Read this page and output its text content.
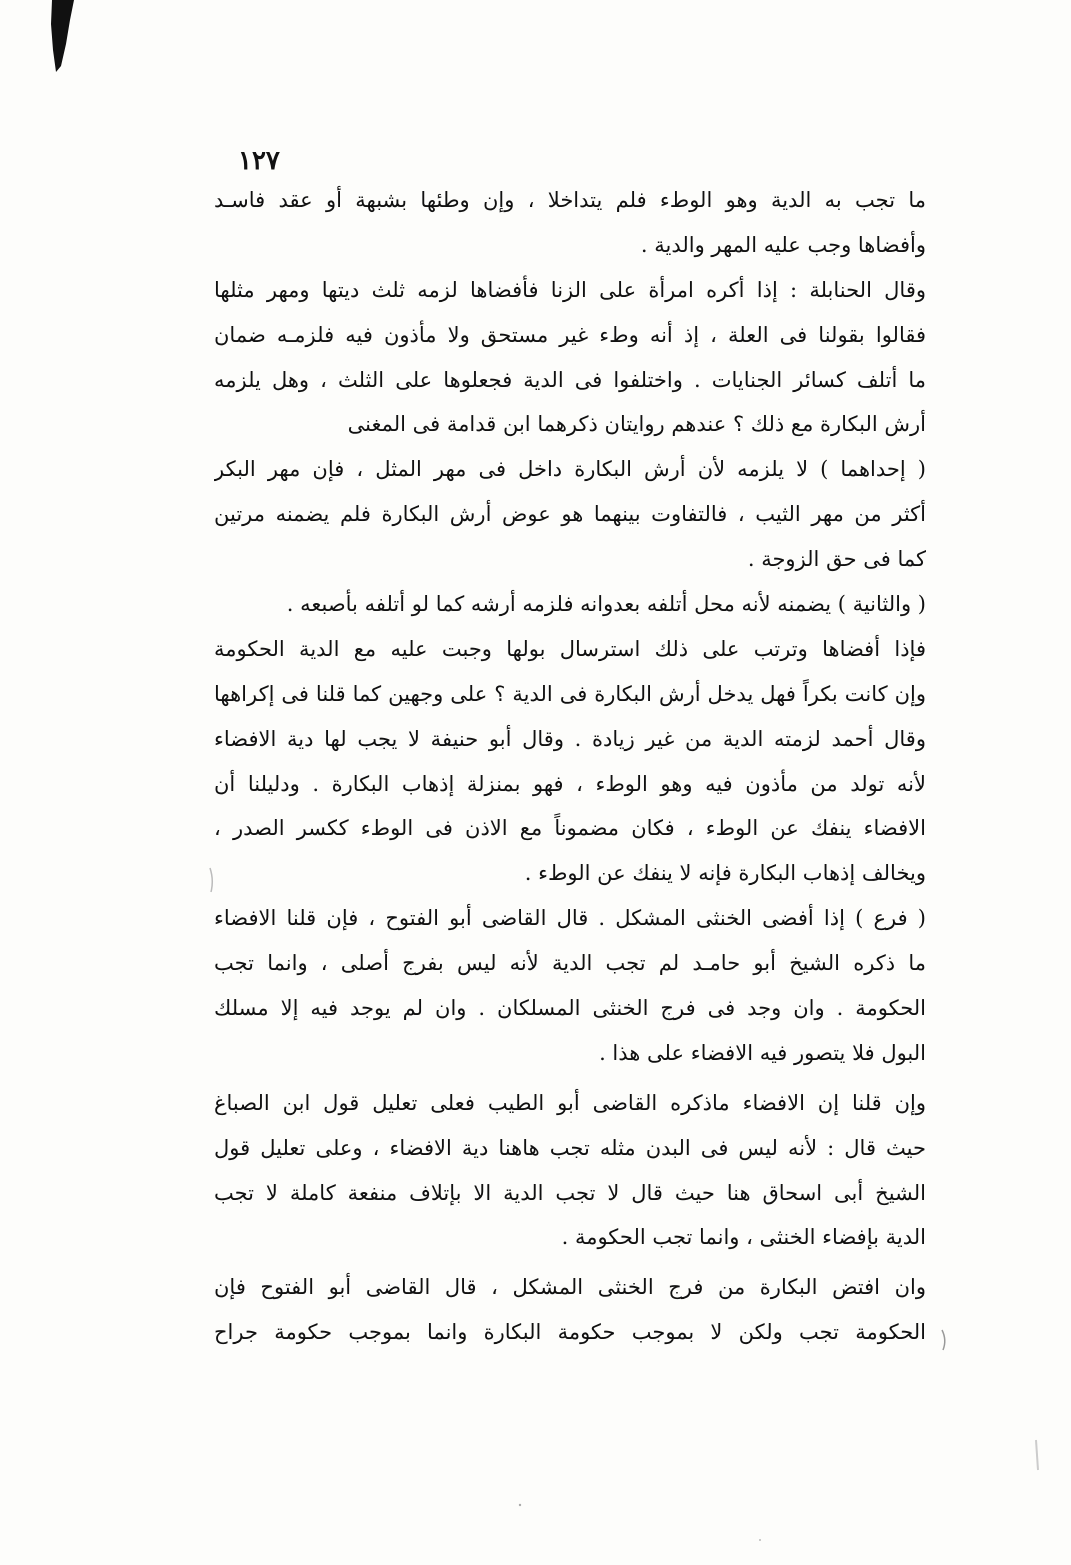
١٢٧
ما تجب به الدية وهو الوطء فلم يتداخلا ، وإن وطئها بشبهة أو عقد فاسـد
وأفضاها وجب عليه المهر والدية .
وقال الحنابلة : إذا أكره امرأة على الزنا فأفضاها لزمه ثلث ديتها ومهر مثلها
فقالوا بقولنا فى العلة ، إذ أنه وطء غير مستحق ولا مأذون فيه فلزمـه ضمان
ما أتلف كسائر الجنايات . واختلفوا فى الدية فجعلوها على الثلث ، وهل يلزمه
أرش البكارة مع ذلك ؟ عندهم روايتان ذكرهما ابن قدامة فى المغنى
( إحداهما ) لا يلزمه لأن أرش البكارة داخل فى مهر المثل ، فإن مهر البكر
أكثر من مهر الثيب ، فالتفاوت بينهما هو عوض أرش البكارة فلم يضمنه مرتين
كما فى حق الزوجة .
( والثانية ) يضمنه لأنه محل أتلفه بعدوانه فلزمه أرشه كما لو أتلفه بأصبعه .
فإذا أفضاها وترتب على ذلك استرسال بولها وجبت عليه مع الدية الحكومة
وإن كانت بكراً فهل يدخل أرش البكارة فى الدية ؟ على وجهين كما قلنا فى إكراهها
وقال أحمد لزمته الدية من غير زيادة . وقال أبو حنيفة لا يجب لها دية الافضاء
لأنه تولد من مأذون فيه وهو الوطء ، فهو بمنزلة إذهاب البكارة . ودليلنا أن
الافضاء ينفك عن الوطء ، فكان مضموناً مع الاذن فى الوطء ككسر الصدر ،
ويخالف إذهاب البكارة فإنه لا ينفك عن الوطء .
( فرع ) إذا أفضى الخنثى المشكل . قال القاضى أبو الفتوح ، فإن قلنا الافضاء
ما ذكره الشيخ أبو حامـد لم تجب الدية لأنه ليس بفرج أصلى ، وانما تجب
الحكومة . وان وجد فى فرج الخنثى المسلكان . وان لم يوجد فيه إلا مسلك
البول فلا يتصور فيه الافضاء على هذا .
وإن قلنا إن الافضاء ماذكره القاضى أبو الطيب فعلى تعليل قول ابن الصباغ
حيث قال : لأنه ليس فى البدن مثله تجب هاهنا دية الافضاء ، وعلى تعليل قول
الشيخ أبى اسحاق هنا حيث قال لا تجب الدية الا بإتلاف منفعة كاملة لا تجب
الدية بإفضاء الخنثى ، وانما تجب الحكومة .
وان افتض البكارة من فرج الخنثى المشكل ، قال القاضى أبو الفتوح فإن
الحكومة تجب ولكن لا بموجب حكومة البكارة وانما بموجب حكومة جراح
